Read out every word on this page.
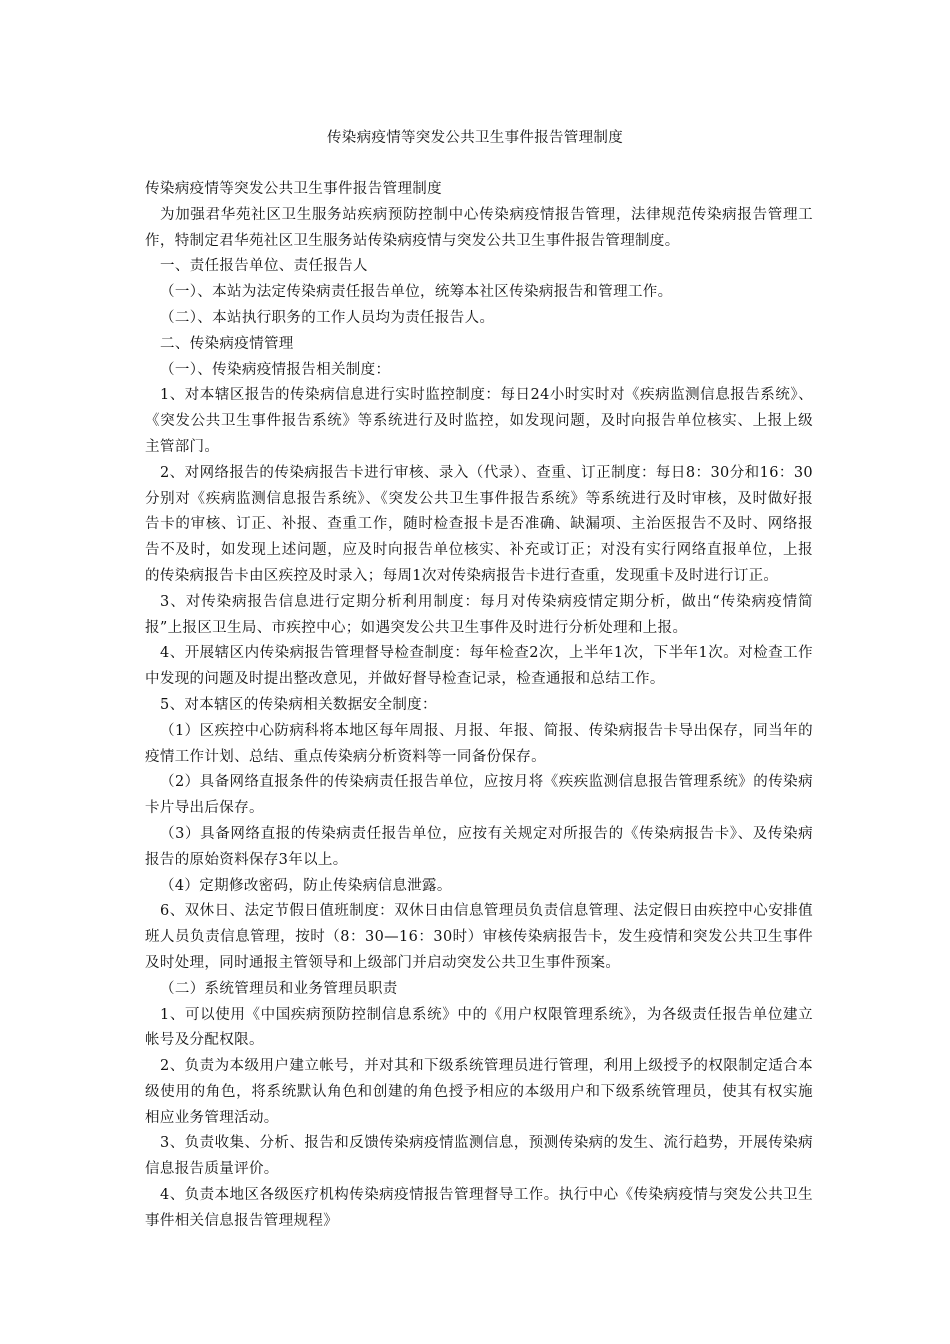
传染病疫情等突发公共卫生事件报告管理制度

传染病疫情等突发公共卫生事件报告管理制度

为加强君华苑社区卫生服务站疾病预防控制中心传染病疫情报告管理，法律规范传染病报告管理工作，特制定君华苑社区卫生服务站传染病疫情与突发公共卫生事件报告管理制度。

一、责任报告单位、责任报告人

（一）、本站为法定传染病责任报告单位，统筹本社区传染病报告和管理工作。

（二）、本站执行职务的工作人员均为责任报告人。

二、传染病疫情管理

（一）、传染病疫情报告相关制度：

1、对本辖区报告的传染病信息进行实时监控制度：每日24小时实时对《疾病监测信息报告系统》、《突发公共卫生事件报告系统》等系统进行及时监控，如发现问题，及时向报告单位核实、上报上级主管部门。

2、对网络报告的传染病报告卡进行审核、录入（代录）、查重、订正制度：每日8：30分和16：30分别对《疾病监测信息报告系统》、《突发公共卫生事件报告系统》等系统进行及时审核，及时做好报告卡的审核、订正、补报、查重工作，随时检查报卡是否准确、缺漏项、主治医报告不及时、网络报告不及时，如发现上述问题，应及时向报告单位核实、补充或订正；对没有实行网络直报单位，上报的传染病报告卡由区疾控及时录入；每周1次对传染病报告卡进行查重，发现重卡及时进行订正。

3、对传染病报告信息进行定期分析利用制度：每月对传染病疫情定期分析，做出“传染病疫情简报”上报区卫生局、市疾控中心；如遇突发公共卫生事件及时进行分析处理和上报。

4、开展辖区内传染病报告管理督导检查制度：每年检查2次，上半年1次，下半年1次。对检查工作中发现的问题及时提出整改意见，并做好督导检查记录，检查通报和总结工作。

5、对本辖区的传染病相关数据安全制度：

（1）区疾控中心防病科将本地区每年周报、月报、年报、简报、传染病报告卡导出保存，同当年的疫情工作计划、总结、重点传染病分析资料等一同备份保存。

（2）具备网络直报条件的传染病责任报告单位，应按月将《疾疾监测信息报告管理系统》的传染病卡片导出后保存。

（3）具备网络直报的传染病责任报告单位，应按有关规定对所报告的《传染病报告卡》、及传染病报告的原始资料保存3年以上。

（4）定期修改密码，防止传染病信息泄露。

6、双休日、法定节假日值班制度：双休日由信息管理员负责信息管理、法定假日由疾控中心安排值班人员负责信息管理，按时（8：30—16：30时）审核传染病报告卡，发生疫情和突发公共卫生事件及时处理，同时通报主管领导和上级部门并启动突发公共卫生事件预案。

（二）系统管理员和业务管理员职责

1、可以使用《中国疾病预防控制信息系统》中的《用户权限管理系统》，为各级责任报告单位建立帐号及分配权限。

2、负责为本级用户建立帐号，并对其和下级系统管理员进行管理，利用上级授予的权限制定适合本级使用的角色，将系统默认角色和创建的角色授予相应的本级用户和下级系统管理员，使其有权实施相应业务管理活动。

3、负责收集、分析、报告和反馈传染病疫情监测信息，预测传染病的发生、流行趋势，开展传染病信息报告质量评价。

4、负责本地区各级医疗机构传染病疫情报告管理督导工作。执行中心《传染病疫情与突发公共卫生事件相关信息报告管理规程》
